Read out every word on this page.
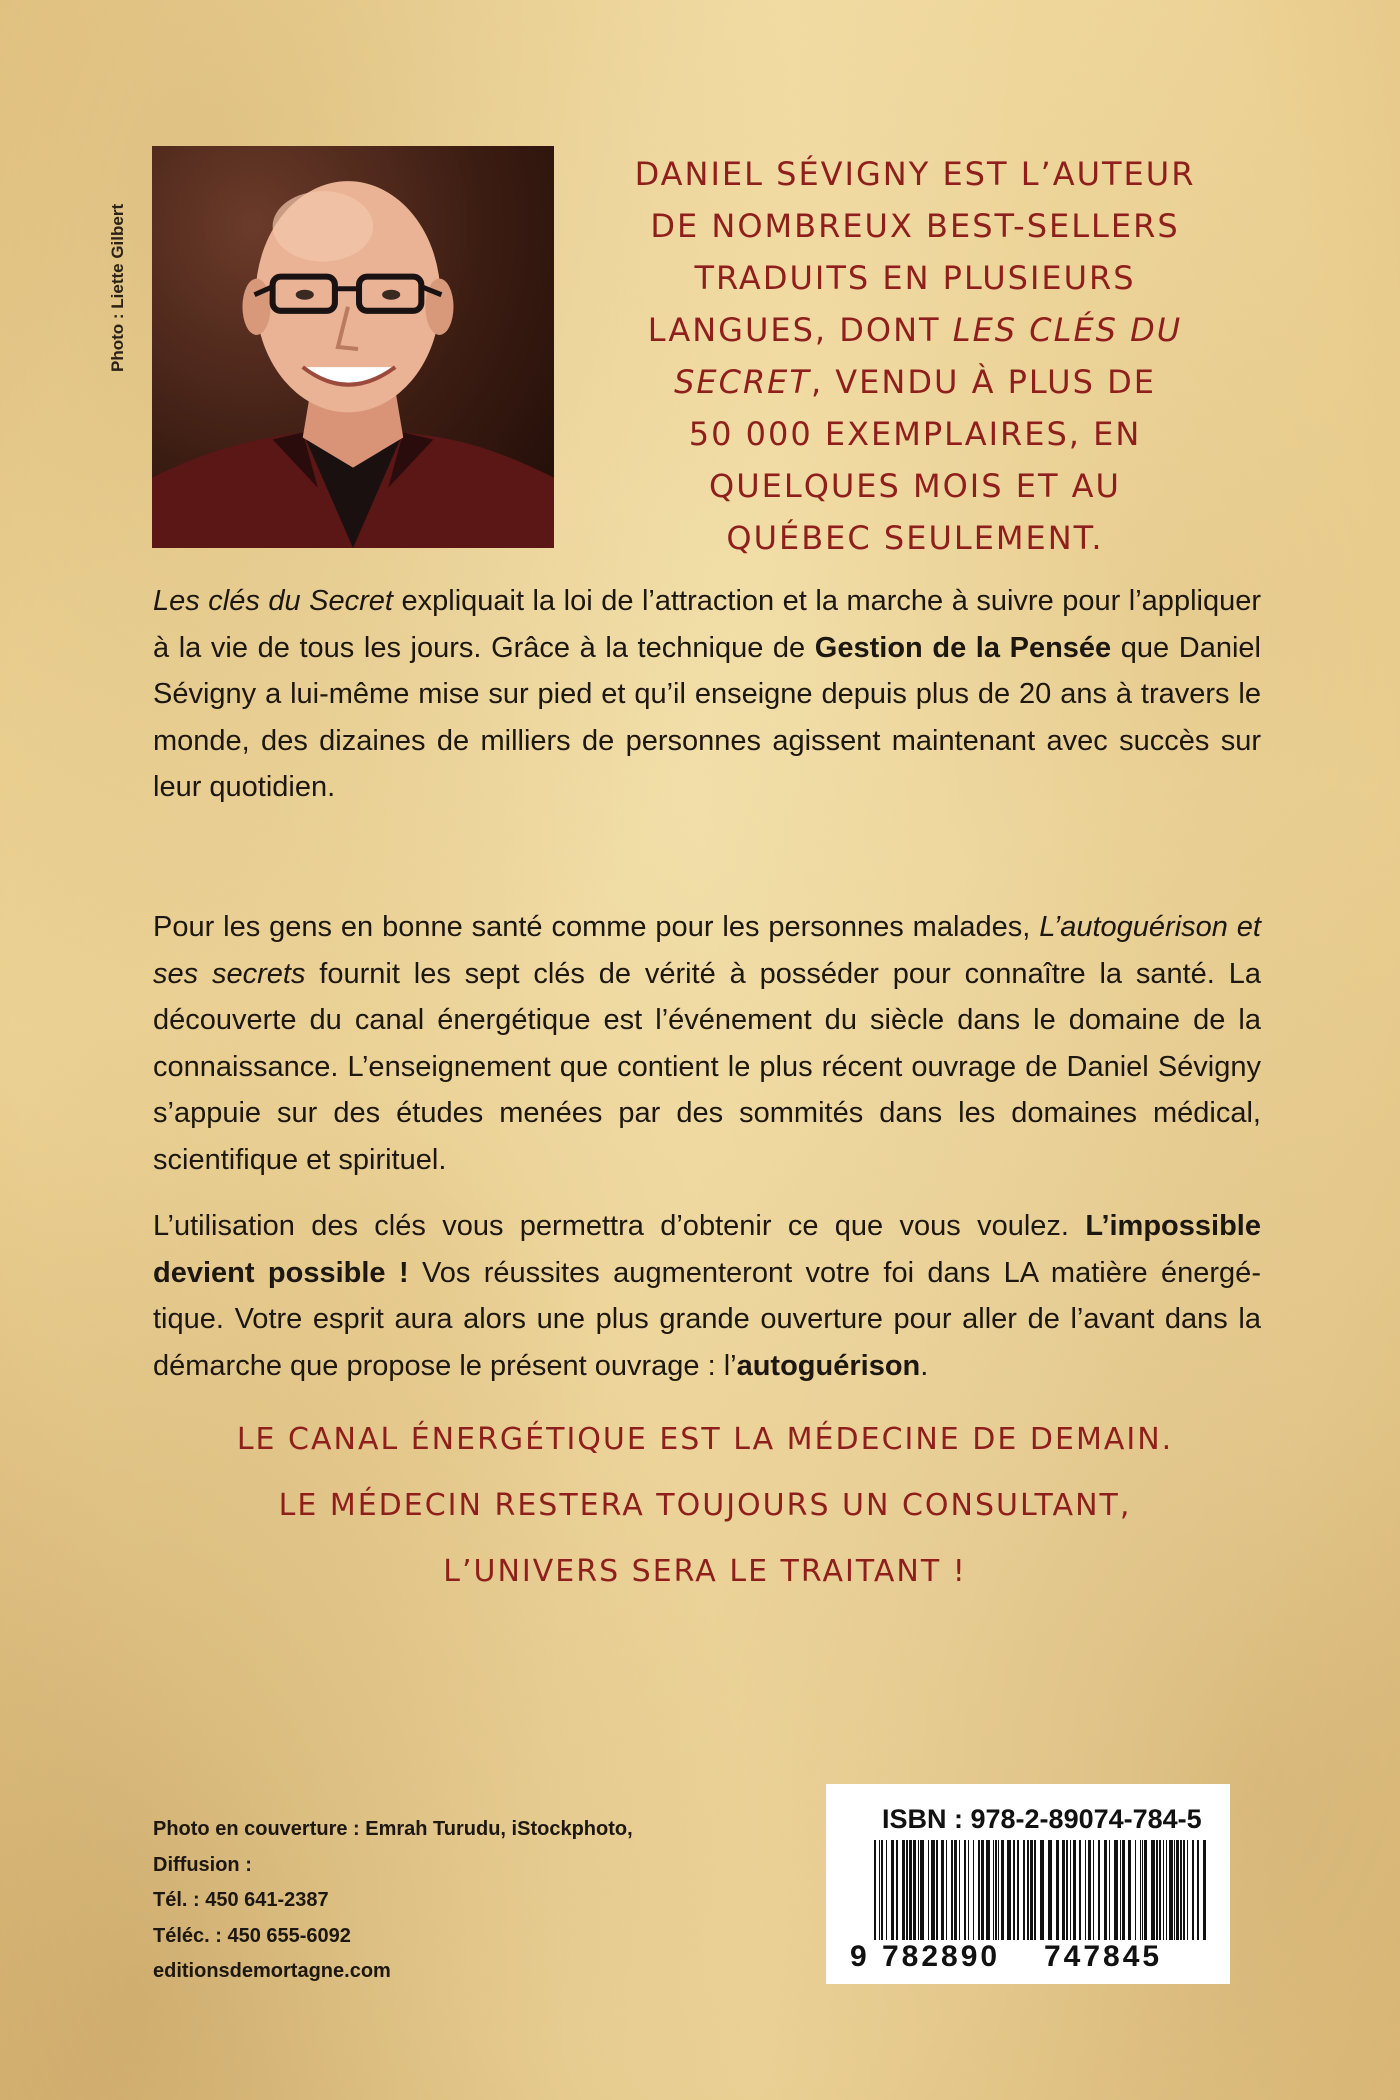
Photo : Liette Gilbert
DANIEL SÉVIGNY EST L’AUTEUR
DE NOMBREUX BEST-SELLERS
TRADUITS EN PLUSIEURS
LANGUES, DONT LES CLÉS DU
SECRET, VENDU À PLUS DE
50 000 EXEMPLAIRES, EN
QUELQUES MOIS ET AU
QUÉBEC SEULEMENT.
Les clés du Secret expliquait la loi de l’attraction et la marche à suivre pour l’appliquer à la vie de tous les jours. Grâce à la technique de Gestion de la Pensée que Daniel Sévigny a lui-même mise sur pied et qu’il enseigne depuis plus de 20 ans à travers le monde, des dizaines de milliers de personnes agissent maintenant avec succès sur leur quotidien.
Pour les gens en bonne santé comme pour les personnes malades, L’autoguérison et ses secrets fournit les sept clés de vérité à posséder pour connaître la santé. La découverte du canal énergétique est l’événement du siècle dans le domaine de la connaissance. L’enseignement que contient le plus récent ouvrage de Daniel Sévigny s’appuie sur des études menées par des sommités dans les domaines médical, scientifique et spirituel.
L’utilisation des clés vous permettra d’obtenir ce que vous voulez. L’impossible devient possible ! Vos réussites augmenteront votre foi dans LA matière énergétique. Votre esprit aura alors une plus grande ouverture pour aller de l’avant dans la démarche que propose le présent ouvrage : l’autoguérison.
LE CANAL ÉNERGÉTIQUE EST LA MÉDECINE DE DEMAIN.
LE MÉDECIN RESTERA TOUJOURS UN CONSULTANT,
L’UNIVERS SERA LE TRAITANT !
Photo en couverture : Emrah Turudu, iStockphoto,
Diffusion :
Tél. : 450 641-2387
Téléc. : 450 655-6092
editionsdemortagne.com
ISBN : 978-2-89074-784-5
9 782890 747845
